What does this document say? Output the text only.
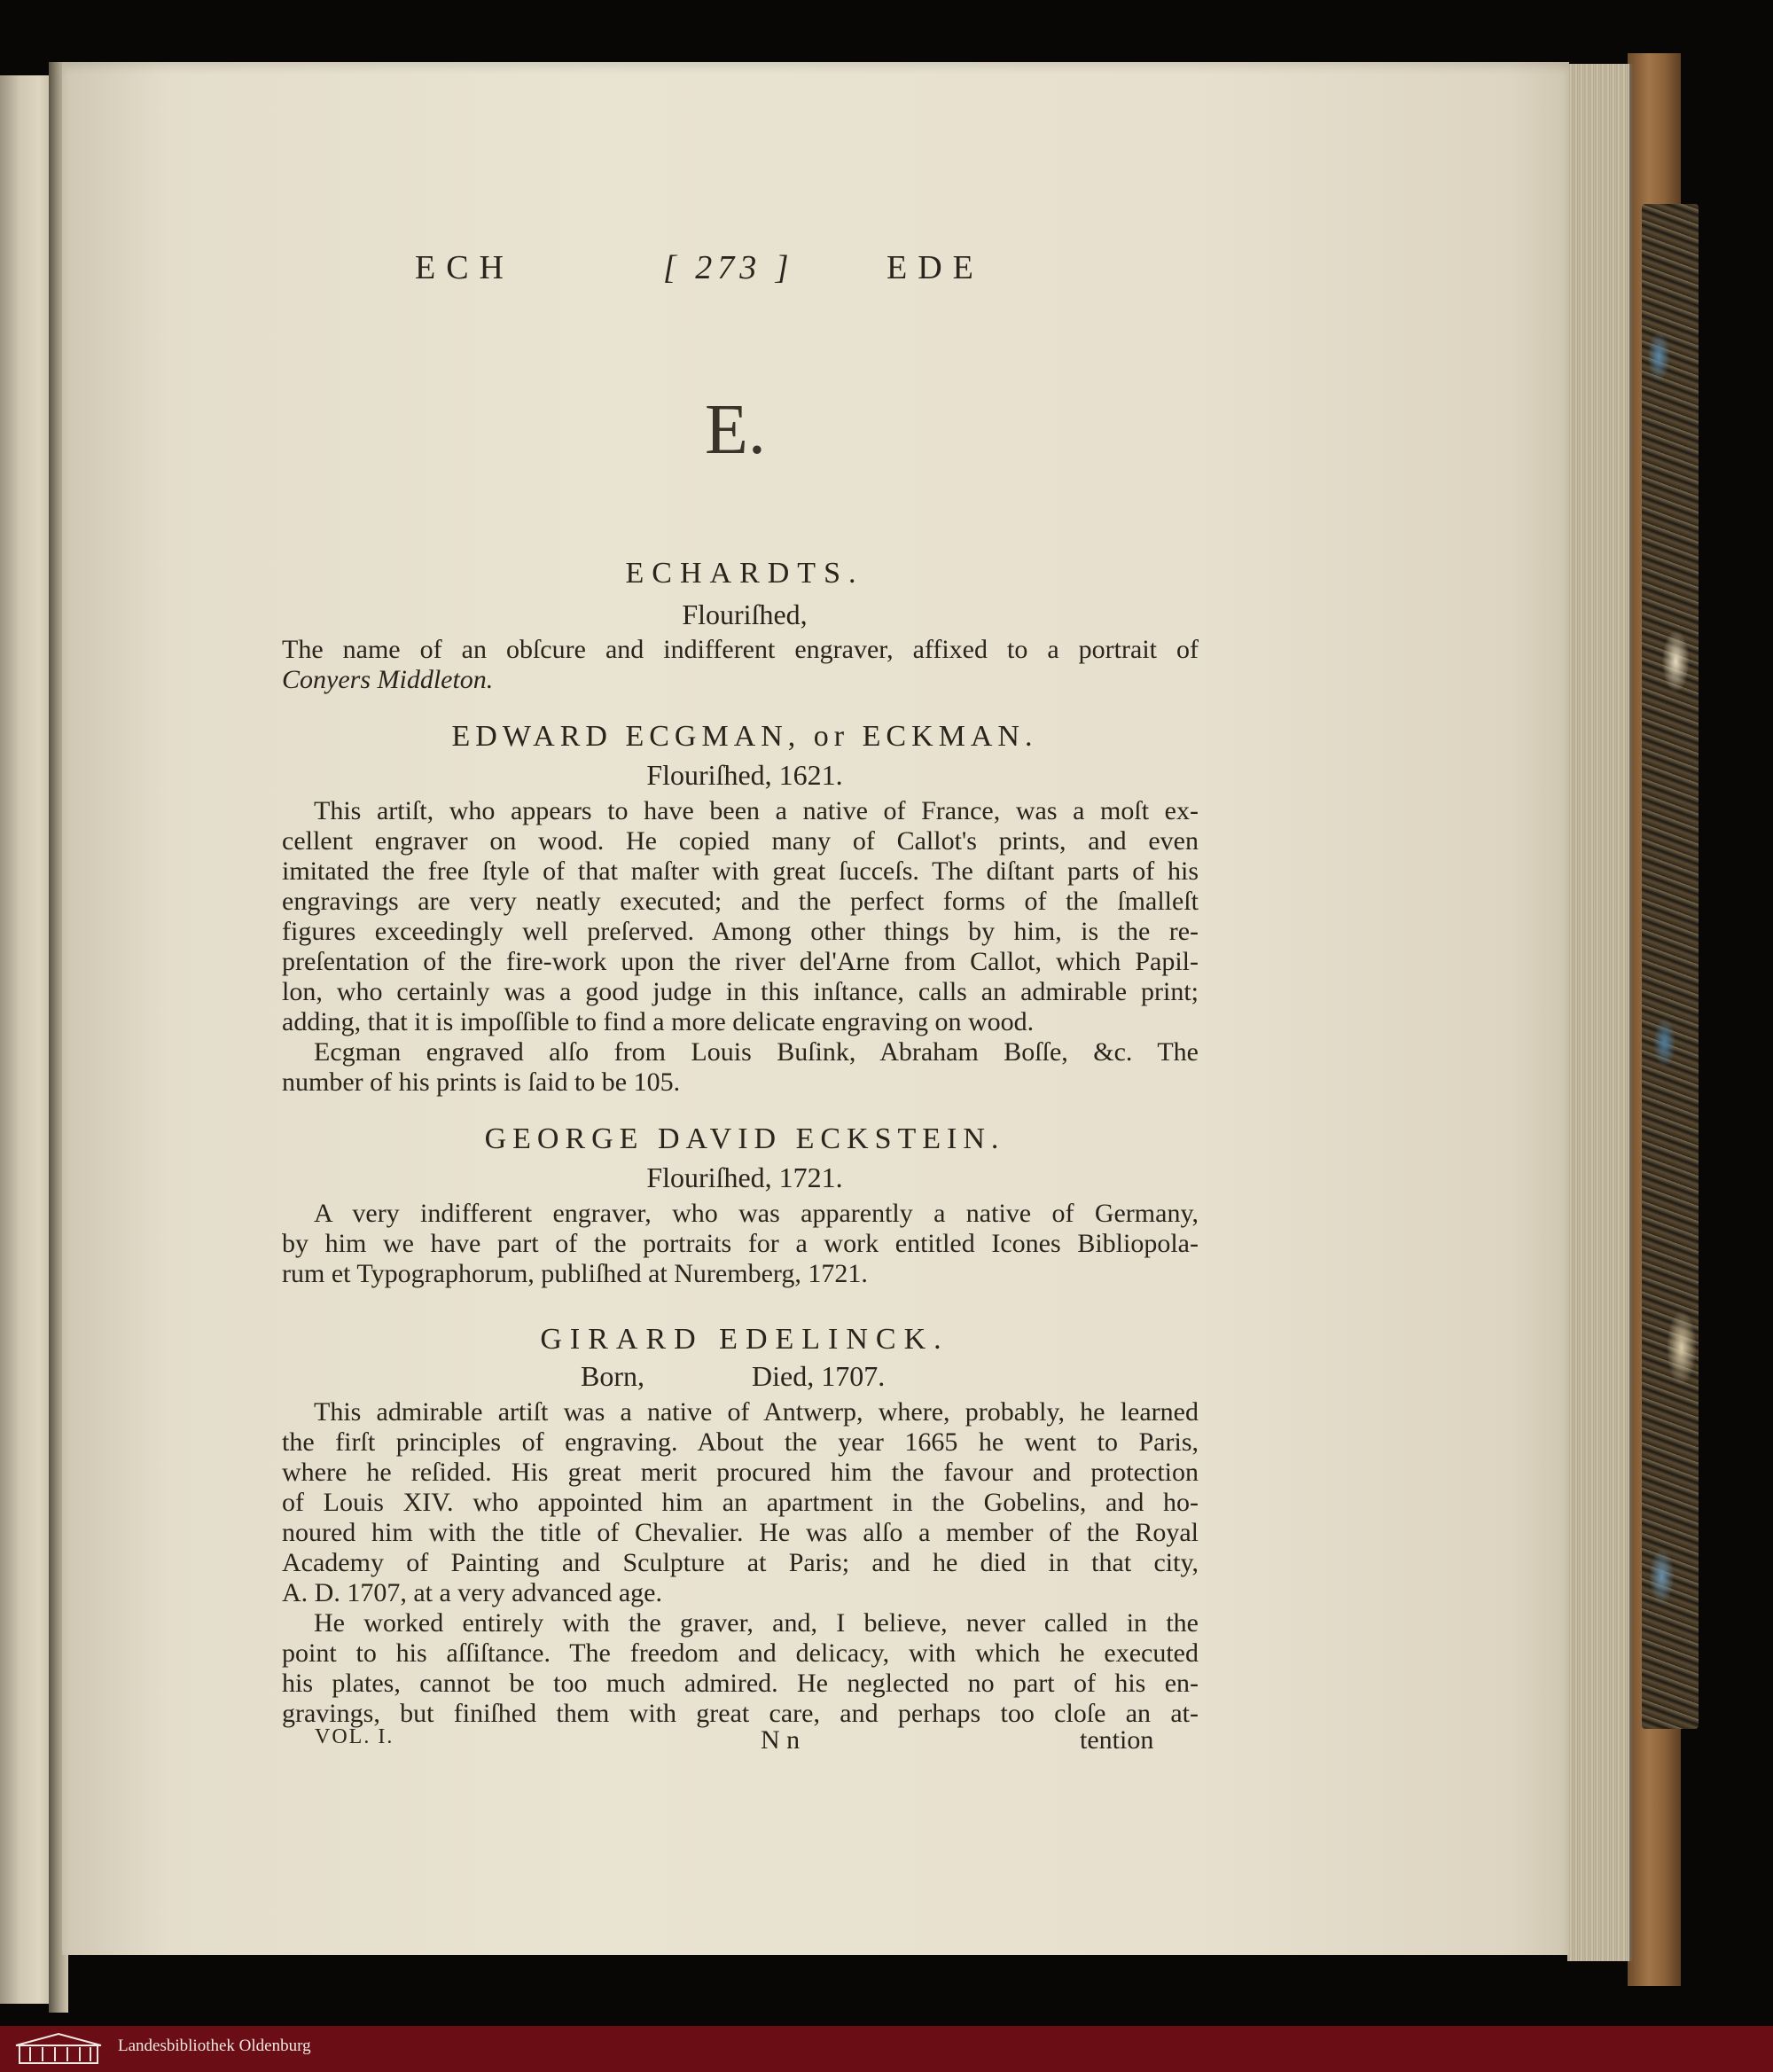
ECH	[ 273 ]	EDE
E.
ECHARDTS.
Flouriſhed,
The name of an obſcure and indifferent engraver, affixed to a portrait of
Conyers Middleton.
EDWARD ECGMAN, or ECKMAN.
Flouriſhed, 1621.
This artiſt, who appears to have been a native of France, was a moſt ex-
cellent engraver on wood. He copied many of Callot's prints, and even
imitated the free ſtyle of that maſter with great ſucceſs. The diſtant parts of his
engravings are very neatly executed; and the perfect forms of the ſmalleſt
figures exceedingly well preſerved. Among other things by him, is the re-
preſentation of the fire-work upon the river del'Arne from Callot, which Papil-
lon, who certainly was a good judge in this inſtance, calls an admirable print;
adding, that it is impoſſible to find a more delicate engraving on wood.
Ecgman engraved alſo from Louis Buſink, Abraham Boſſe, &c. The
number of his prints is ſaid to be 105.
GEORGE DAVID ECKSTEIN.
Flouriſhed, 1721.
A very indifferent engraver, who was apparently a native of Germany,
by him we have part of the portraits for a work entitled Icones Bibliopola-
rum et Typographorum, publiſhed at Nuremberg, 1721.
GIRARD EDELINCK.
Born,	Died, 1707.
This admirable artiſt was a native of Antwerp, where, probably, he learned
the firſt principles of engraving. About the year 1665 he went to Paris,
where he reſided. His great merit procured him the favour and protection
of Louis XIV. who appointed him an apartment in the Gobelins, and ho-
noured him with the title of Chevalier. He was alſo a member of the Royal
Academy of Painting and Sculpture at Paris; and he died in that city,
A. D. 1707, at a very advanced age.
He worked entirely with the graver, and, I believe, never called in the
point to his aſſiſtance. The freedom and delicacy, with which he executed
his plates, cannot be too much admired. He neglected no part of his en-
gravings, but finiſhed them with great care, and perhaps too cloſe an at-
VOL. I.	N n	tention
Landesbibliothek Oldenburg
